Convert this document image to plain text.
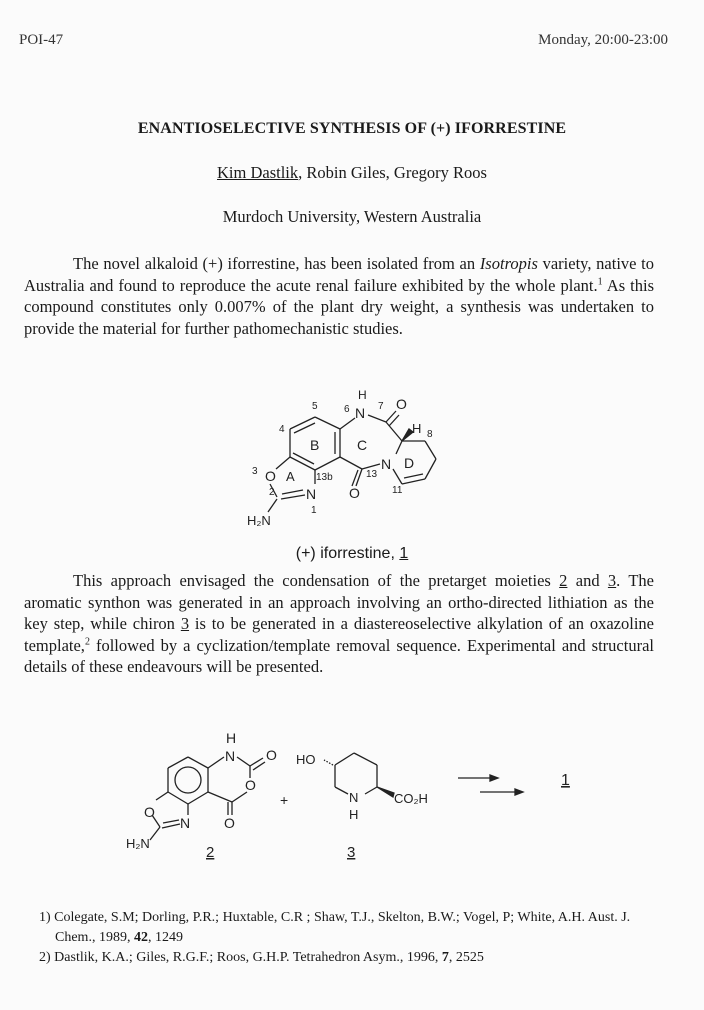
POI-47	Monday, 20:00-23:00
ENANTIOSELECTIVE SYNTHESIS OF (+) IFORRESTINE
Kim Dastlik, Robin Giles, Gregory Roos
Murdoch University, Western Australia
The novel alkaloid (+) iforrestine, has been isolated from an Isotropis variety, native to Australia and found to reproduce the acute renal failure exhibited by the whole plant.$^1$ As this compound constitutes only 0.007% of the plant dry weight, a synthesis was undertaken to provide the material for further pathomechanistic studies.
H
N
6	7 O
H 8
5
4
B	C
D
N
3 O A 13b	13
2 N O	11
1
H₂N
(+) iforrestine, 1
This approach envisaged the condensation of the pretarget moieties 2 and 3. The aromatic synthon was generated in an approach involving an ortho-directed lithiation as the key step, while chiron 3 is to be generated in a diastereoselective alkylation of an oxazoline template,$^2$ followed by a cyclization/template removal sequence. Experimental and structural details of these endeavours will be presented.
H
N O
O
O
O
N
H₂N
2
+
HO
N
H
CO₂H
3
1
1) Colegate, S.M; Dorling, P.R.; Huxtable, C.R ; Shaw, T.J., Skelton, B.W.; Vogel, P; White, A.H. Aust. J. Chem., 1989, 42, 1249
2) Dastlik, K.A.; Giles, R.G.F.; Roos, G.H.P. Tetrahedron Asym., 1996, 7, 2525
